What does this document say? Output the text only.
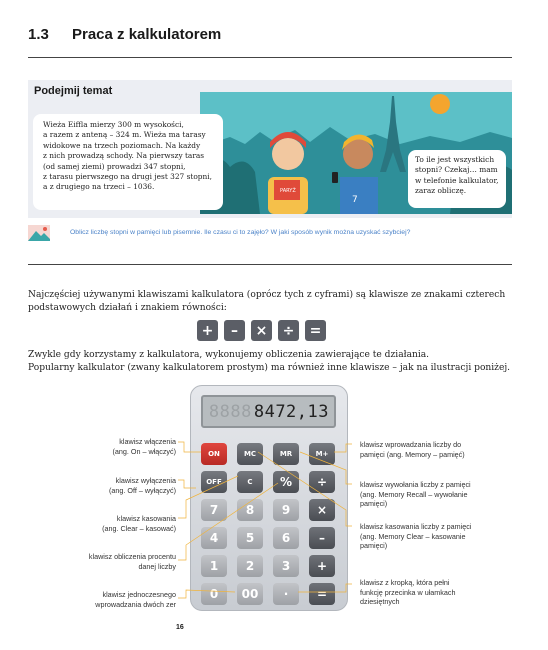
1.3 Praca z kalkulatorem
Podejmij temat
PARYŻ
7
Wieża Eiffla mierzy 300 m wysokości,
a razem z anteną – 324 m. Wieża ma tarasy
widokowe na trzech poziomach. Na każdy
z nich prowadzą schody. Na pierwszy taras
(od samej ziemi) prowadzi 347 stopni,
z tarasu pierwszego na drugi jest 327 stopni,
a z drugiego na trzeci – 1036.
To ile jest wszystkich
stopni? Czekaj… mam
w telefonie kalkulator,
zaraz obliczę.
Oblicz liczbę stopni w pamięci lub pisemnie. Ile czasu ci to zajęło? W jaki sposób wynik można uzyskać szybciej?
Najczęściej używanymi klawiszami kalkulatora (oprócz tych z cyframi) są klawisze ze znakami czterech
podstawowych działań i znakiem równości:
+	–	×	÷	=
Zwykle gdy korzystamy z kalkulatora, wykonujemy obliczenia zawierające te działania.
Popularny kalkulator (zwany kalkulatorem prostym) ma również inne klawisze – jak na ilustracji poniżej.
8888 8472,13
ON	MC	MR	M+
OFF	C	%	÷
7	8	9	×
4	5	6	–
1	2	3	+
0	00	·	=
klawisz włączenia
(ang. On – włączyć)
klawisz wyłączenia
(ang. Off – wyłączyć)
klawisz kasowania
(ang. Clear – kasować)
klawisz obliczenia procentu
danej liczby
klawisz jednoczesnego
wprowadzania dwóch zer
klawisz wprowadzania liczby do
pamięci (ang. Memory – pamięć)
klawisz wywołania liczby z pamięci
(ang. Memory Recall – wywołanie
pamięci)
klawisz kasowania liczby z pamięci
(ang. Memory Clear – kasowanie
pamięci)
klawisz z kropką, która pełni
funkcję przecinka w ułamkach
dziesiętnych
16
